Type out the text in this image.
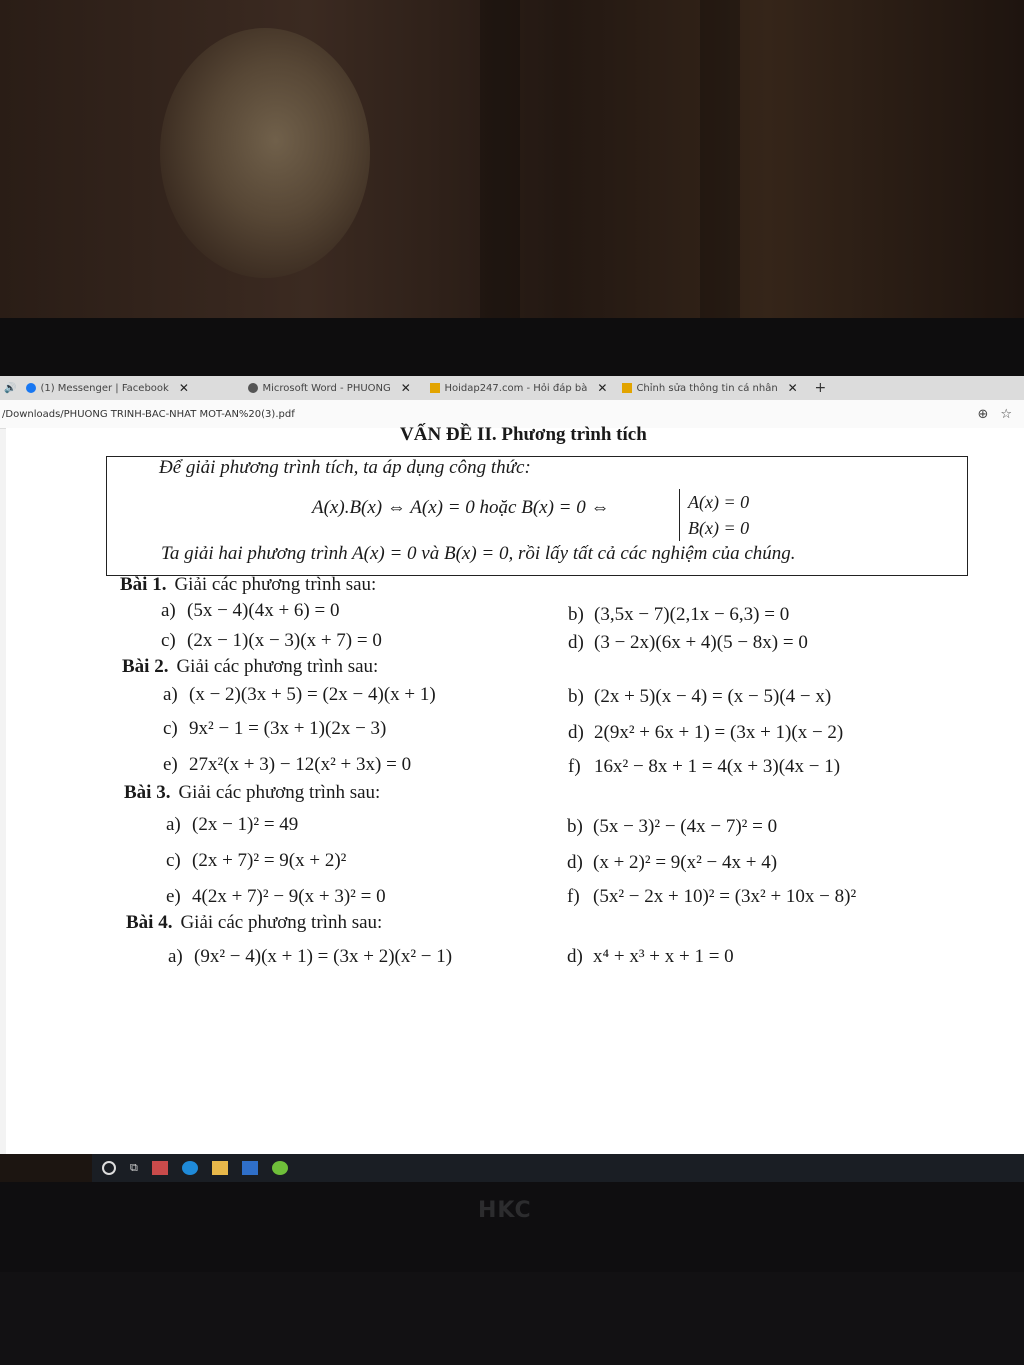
🔊	(1) Messenger | Facebook ✕	Microsoft Word - PHUONG ✕	Hoidap247.com - Hỏi đáp bà ✕	Chỉnh sửa thông tin cá nhân ✕	+
/Downloads/PHUONG TRINH-BAC-NHAT MOT-AN%20(3).pdf	⊕ ☆
VẤN ĐỀ II. Phương trình tích
Để giải phương trình tích, ta áp dụng công thức:
A(x).B(x) ⇔ A(x) = 0 hoặc B(x) = 0 ⇔	A(x) = 0
B(x) = 0
Ta giải hai phương trình A(x) = 0 và B(x) = 0, rồi lấy tất cả các nghiệm của chúng.
Bài 1. Giải các phương trình sau:
a) (5x − 4)(4x + 6) = 0	b) (3,5x − 7)(2,1x − 6,3) = 0
c) (2x − 1)(x − 3)(x + 7) = 0	d) (3 − 2x)(6x + 4)(5 − 8x) = 0
Bài 2. Giải các phương trình sau:
a) (x − 2)(3x + 5) = (2x − 4)(x + 1)	b) (2x + 5)(x − 4) = (x − 5)(4 − x)
c) 9x² − 1 = (3x + 1)(2x − 3)	d) 2(9x² + 6x + 1) = (3x + 1)(x − 2)
e) 27x²(x + 3) − 12(x² + 3x) = 0	f) 16x² − 8x + 1 = 4(x + 3)(4x − 1)
Bài 3. Giải các phương trình sau:
a) (2x − 1)² = 49	b) (5x − 3)² − (4x − 7)² = 0
c) (2x + 7)² = 9(x + 2)²	d) (x + 2)² = 9(x² − 4x + 4)
e) 4(2x + 7)² − 9(x + 3)² = 0	f) (5x² − 2x + 10)² = (3x² + 10x − 8)²
Bài 4. Giải các phương trình sau:
a) (9x² − 4)(x + 1) = (3x + 2)(x² − 1)	d) x⁴ + x³ + x + 1 = 0
⧉
HKC
